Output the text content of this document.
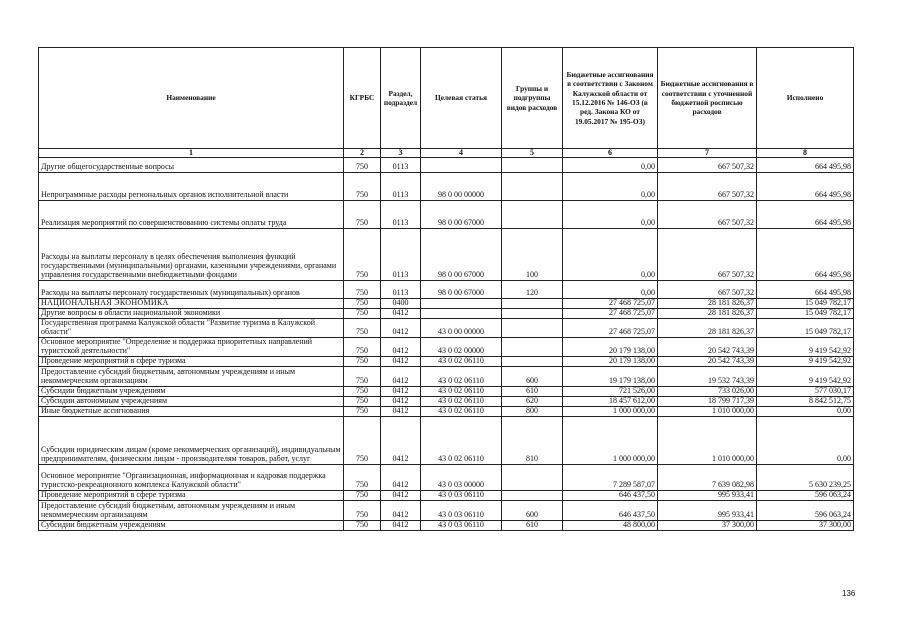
Наименование	КГРБС	Раздел, подраздел	Целевая статья	Группы и подгруппы видов расходов	Бюджетные ассигнования в соответствии с Законом Калужской области от 15.12.2016 № 146-ОЗ (в ред. Закона КО от 19.05.2017 № 195-ОЗ)	Бюджетные ассигнования в соответствии с уточненной бюджетной росписью расходов	Исполнено
1	2	3	4	5	6	7	8
Другие общегосударственные вопросы	750	0113			0,00	667 507,32	664 495,98
Непрограммные расходы региональных органов исполнительной власти	750	0113	98 0 00 00000		0,00	667 507,32	664 495,98
Реализация мероприятий по совершенствованию системы оплаты труда	750	0113	98 0 00 67000		0,00	667 507,32	664 495,98
Расходы на выплаты персоналу в целях обеспечения выполнения функций государственными (муниципальными) органами, казенными учреждениями, органами управления государственными внебюджетными фондами	750	0113	98 0 00 67000	100	0,00	667 507,32	664 495,98
Расходы на выплаты персоналу государственных (муниципальных) органов	750	0113	98 0 00 67000	120	0,00	667 507,32	664 495,98
НАЦИОНАЛЬНАЯ ЭКОНОМИКА	750	0400			27 468 725,07	28 181 826,37	15 049 782,17
Другие вопросы в области национальной экономики	750	0412			27 468 725,07	28 181 826,37	15 049 782,17
Государственная программа Калужской области "Развитие туризма в Калужской области"	750	0412	43 0 00 00000		27 468 725,07	28 181 826,37	15 049 782,17
Основное мероприятие "Определение и поддержка приоритетных направлений туристской деятельности"	750	0412	43 0 02 00000		20 179 138,00	20 542 743,39	9 419 542,92
Проведение мероприятий в сфере туризма	750	0412	43 0 02 06110		20 179 138,00	20 542 743,39	9 419 542,92
Предоставление субсидий бюджетным, автономным учреждениям и иным некоммерческим организациям	750	0412	43 0 02 06110	600	19 179 138,00	19 532 743,39	9 419 542,92
Субсидии бюджетным учреждениям	750	0412	43 0 02 06110	610	721 526,00	733 026,00	577 030,17
Субсидии автономным учреждениям	750	0412	43 0 02 06110	620	18 457 612,00	18 799 717,39	8 842 512,75
Иные бюджетные ассигнования	750	0412	43 0 02 06110	800	1 000 000,00	1 010 000,00	0,00
Субсидии юридическим лицам (кроме некоммерческих организаций), индивидуальным предпринимателям, физическим лицам - производителям товаров, работ, услуг	750	0412	43 0 02 06110	810	1 000 000,00	1 010 000,00	0,00
Основное мероприятие "Организационная, информационная и кадровая поддержка туристско-рекреационного комплекса Калужской области"	750	0412	43 0 03 00000		7 289 587,07	7 639 082,98	5 630 239,25
Проведение мероприятий в сфере туризма	750	0412	43 0 03 06110		646 437,50	995 933,41	596 063,24
Предоставление субсидий бюджетным, автономным учреждениям и иным некоммерческим организациям	750	0412	43 0 03 06110	600	646 437,50	995 933,41	596 063,24
Субсидии бюджетным учреждениям	750	0412	43 0 03 06110	610	48 800,00	37 300,00	37 300,00
136
